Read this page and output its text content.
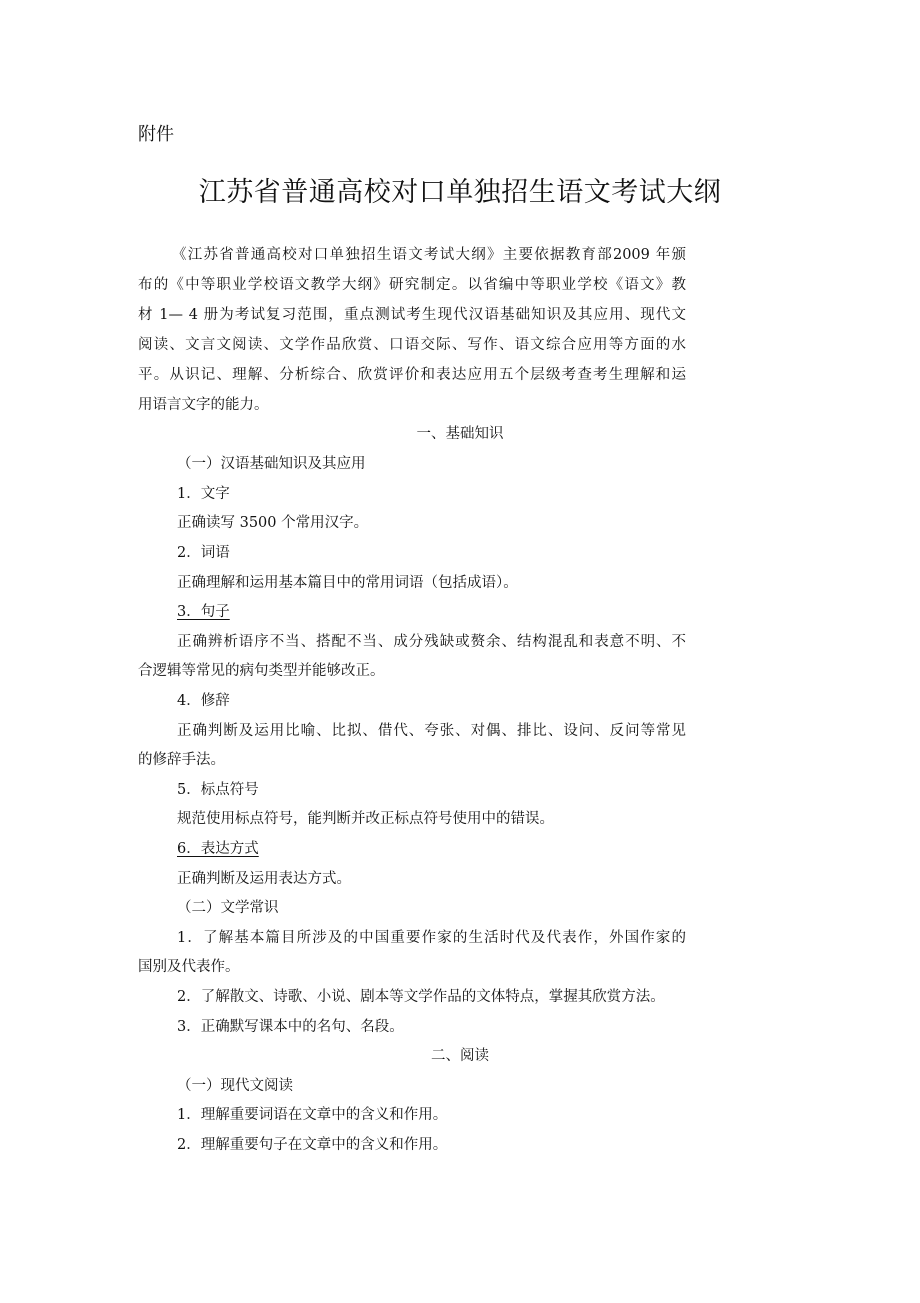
附件
江苏省普通高校对口单独招生语文考试大纲
《江苏省普通高校对口单独招生语文考试大纲》主要依据教育部2009 年颁
布的《中等职业学校语文教学大纲》研究制定。以省编中等职业学校《语文》教
材 1— 4 册为考试复习范围，重点测试考生现代汉语基础知识及其应用、现代文
阅读、文言文阅读、文学作品欣赏、口语交际、写作、语文综合应用等方面的水
平。从识记、理解、分析综合、欣赏评价和表达应用五个层级考查考生理解和运
用语言文字的能力。
一、基础知识
（一）汉语基础知识及其应用
1．文字
正确读写 3500 个常用汉字。
2．词语
正确理解和运用基本篇目中的常用词语（包括成语）。
3．句子
正确辨析语序不当、搭配不当、成分残缺或赘余、结构混乱和表意不明、不
合逻辑等常见的病句类型并能够改正。
4．修辞
正确判断及运用比喻、比拟、借代、夸张、对偶、排比、设问、反问等常见
的修辞手法。
5．标点符号
规范使用标点符号，能判断并改正标点符号使用中的错误。
6．表达方式
正确判断及运用表达方式。
（二）文学常识
1．了解基本篇目所涉及的中国重要作家的生活时代及代表作，外国作家的
国别及代表作。
2．了解散文、诗歌、小说、剧本等文学作品的文体特点，掌握其欣赏方法。
3．正确默写课本中的名句、名段。
二、阅读
（一）现代文阅读
1．理解重要词语在文章中的含义和作用。
2．理解重要句子在文章中的含义和作用。
